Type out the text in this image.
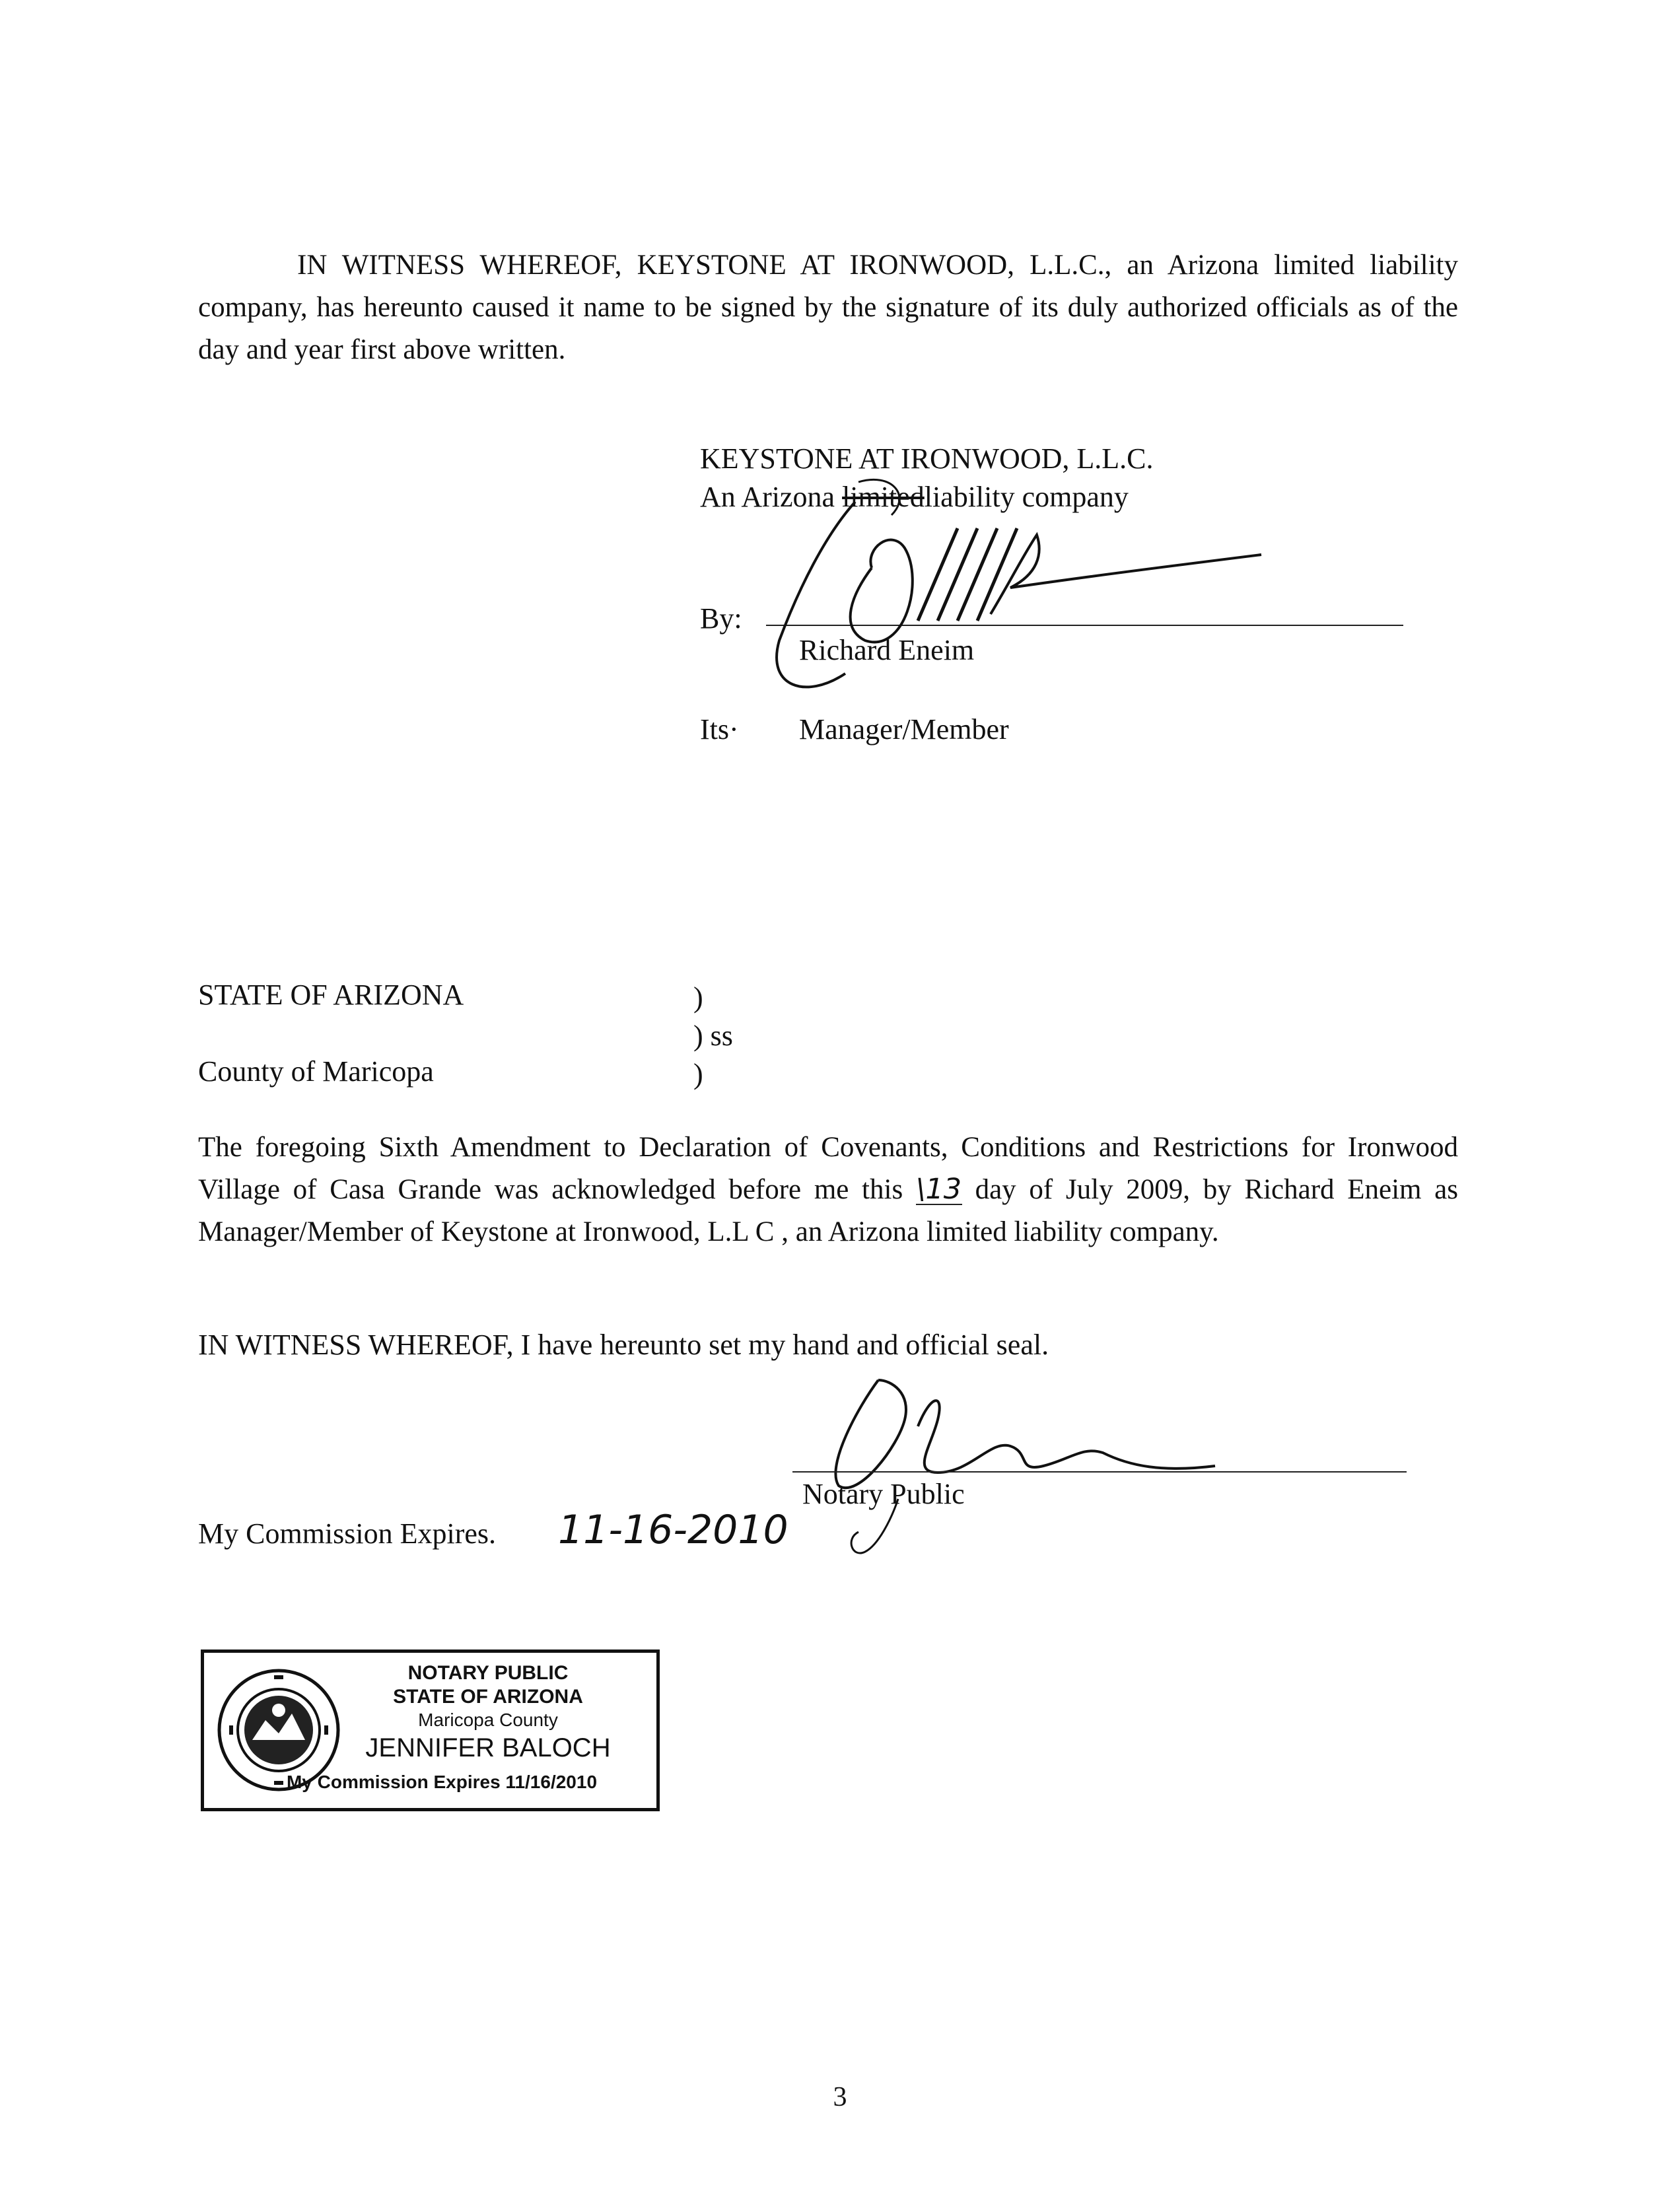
IN WITNESS WHEREOF, KEYSTONE AT IRONWOOD, L.L.C., an Arizona limited liability company, has hereunto caused it name to be signed by the signature of its duly authorized officials as of the day and year first above written.
KEYSTONE AT IRONWOOD, L.L.C.
An Arizona limitedliability company
By:
Richard Eneim
Its· Manager/Member
STATE OF ARIZONA	)
) ss
County of Maricopa	)
The foregoing Sixth Amendment to Declaration of Covenants, Conditions and Restrictions for Ironwood Village of Casa Grande was acknowledged before me this \13 day of July 2009, by Richard Eneim as Manager/Member of Keystone at Ironwood, L.L C , an Arizona limited liability company.
IN WITNESS WHEREOF, I have hereunto set my hand and official seal.
Notary Public
My Commission Expires. 11-16-2010
NOTARY PUBLIC
STATE OF ARIZONA
Maricopa County
JENNIFER BALOCH
My Commission Expires 11/16/2010
3
